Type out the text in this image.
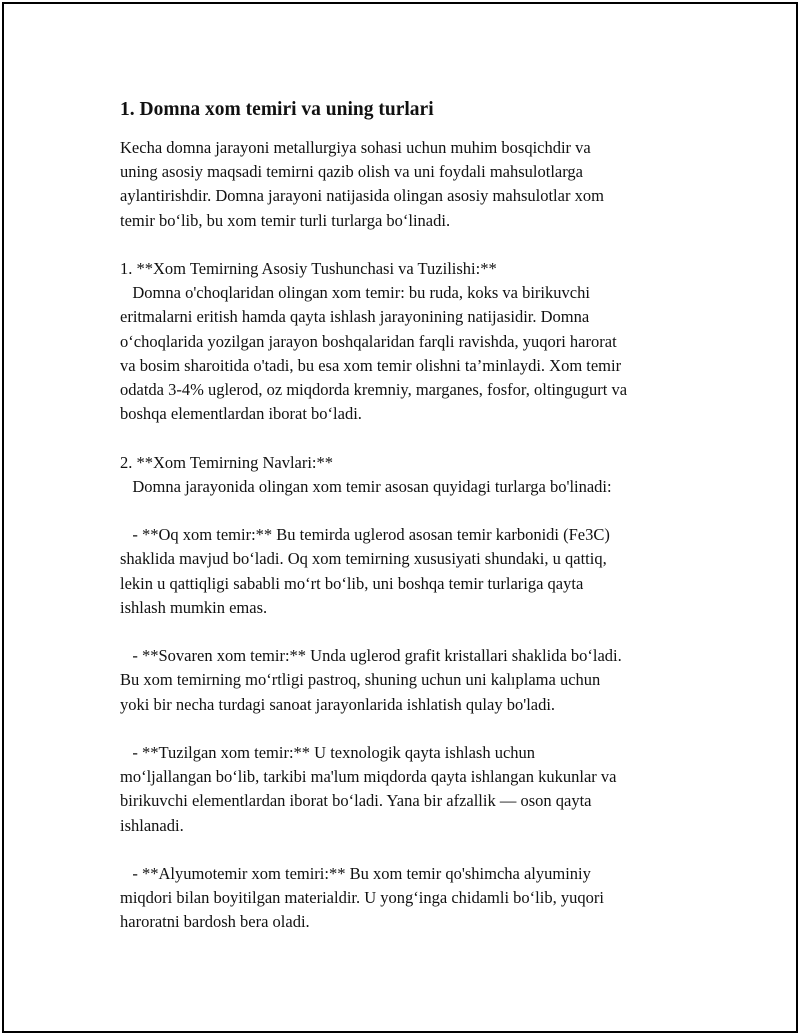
1. Domna xom temiri va uning turlari

Kecha domna jarayoni metallurgiya sohasi uchun muhim bosqichdir va
uning asosiy maqsadi temirni qazib olish va uni foydali mahsulotlarga
aylantirishdir. Domna jarayoni natijasida olingan asosiy mahsulotlar xom
temir bo‘lib, bu xom temir turli turlarga bo‘linadi.

1. **Xom Temirning Asosiy Tushunchasi va Tuzilishi:**
Domna o'choqlaridan olingan xom temir: bu ruda, koks va birikuvchi
eritmalarni eritish hamda qayta ishlash jarayonining natijasidir. Domna
o‘choqlarida yozilgan jarayon boshqalaridan farqli ravishda, yuqori harorat
va bosim sharoitida o'tadi, bu esa xom temir olishni ta’minlaydi. Xom temir
odatda 3-4% uglerod, oz miqdorda kremniy, marganes, fosfor, oltingugurt va
boshqa elementlardan iborat bo‘ladi.

2. **Xom Temirning Navlari:**
Domna jarayonida olingan xom temir asosan quyidagi turlarga bo'linadi:

- **Oq xom temir:** Bu temirda uglerod asosan temir karbonidi (Fe3C)
shaklida mavjud bo‘ladi. Oq xom temirning xususiyati shundaki, u qattiq,
lekin u qattiqligi sababli mo‘rt bo‘lib, uni boshqa temir turlariga qayta
ishlash mumkin emas.

- **Sovaren xom temir:** Unda uglerod grafit kristallari shaklida bo‘ladi.
Bu xom temirning mo‘rtligi pastroq, shuning uchun uni kalıplama uchun
yoki bir necha turdagi sanoat jarayonlarida ishlatish qulay bo'ladi.

- **Tuzilgan xom temir:** U texnologik qayta ishlash uchun
mo‘ljallangan bo‘lib, tarkibi ma'lum miqdorda qayta ishlangan kukunlar va
birikuvchi elementlardan iborat bo‘ladi. Yana bir afzallik — oson qayta
ishlanadi.

- **Alyumotemir xom temiri:** Bu xom temir qo'shimcha alyuminiy
miqdori bilan boyitilgan materialdir. U yong‘inga chidamli bo‘lib, yuqori
haroratni bardosh bera oladi.
